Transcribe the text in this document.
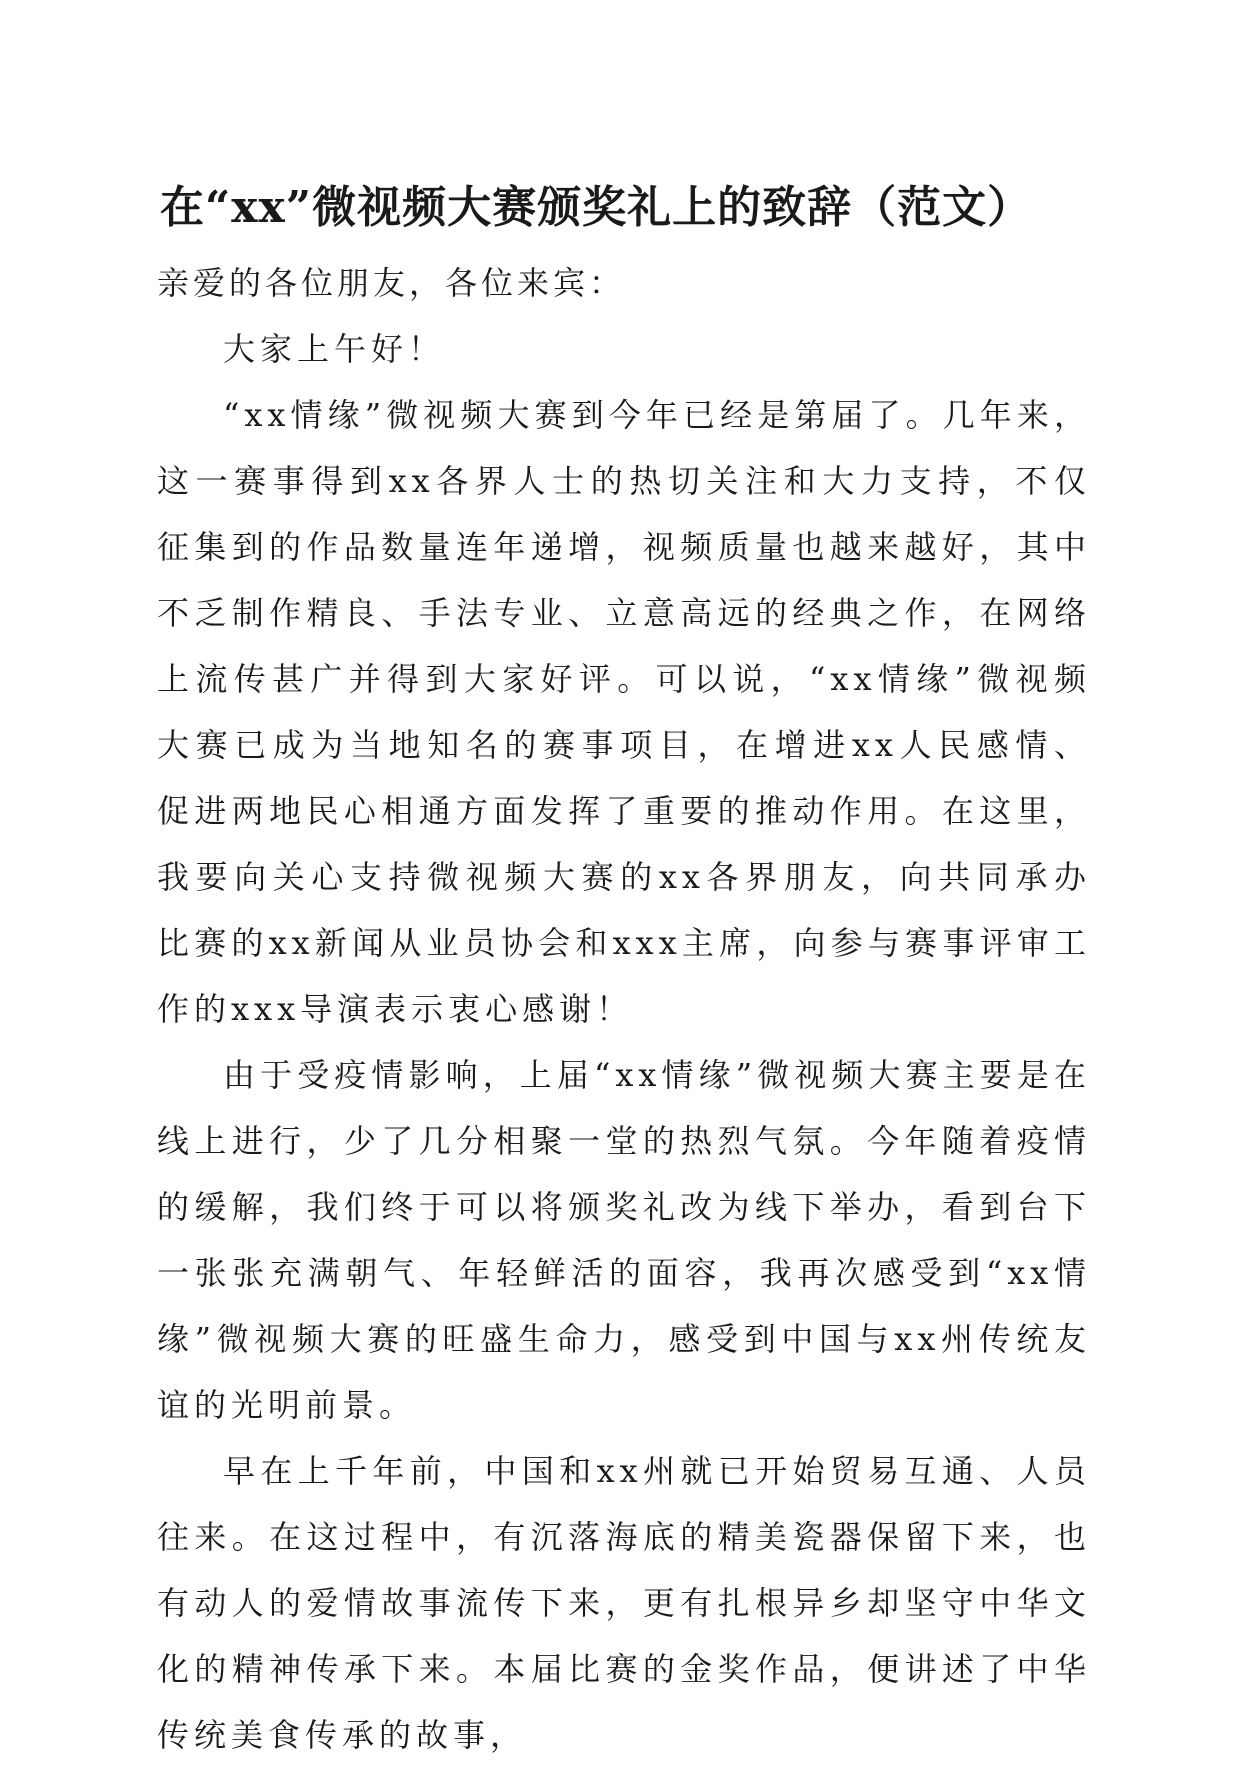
在“xx”微视频大赛颁奖礼上的致辞（范文）

亲爱的各位朋友，各位来宾：

大家上午好！

“xx情缘”微视频大赛到今年已经是第届了。几年来，这一赛事得到xx各界人士的热切关注和大力支持，不仅征集到的作品数量连年递增，视频质量也越来越好，其中不乏制作精良、手法专业、立意高远的经典之作，在网络上流传甚广并得到大家好评。可以说，“xx情缘”微视频大赛已成为当地知名的赛事项目，在增进xx人民感情、促进两地民心相通方面发挥了重要的推动作用。在这里，我要向关心支持微视频大赛的xx各界朋友，向共同承办比赛的xx新闻从业员协会和xxx主席，向参与赛事评审工作的xxx导演表示衷心感谢！

由于受疫情影响，上届“xx情缘”微视频大赛主要是在线上进行，少了几分相聚一堂的热烈气氛。今年随着疫情的缓解，我们终于可以将颁奖礼改为线下举办，看到台下一张张充满朝气、年轻鲜活的面容，我再次感受到“xx情缘”微视频大赛的旺盛生命力，感受到中国与xx州传统友谊的光明前景。

早在上千年前，中国和xx州就已开始贸易互通、人员往来。在这过程中，有沉落海底的精美瓷器保留下来，也有动人的爱情故事流传下来，更有扎根异乡却坚守中华文化的精神传承下来。本届比赛的金奖作品，便讲述了中华传统美食传承的故事，
